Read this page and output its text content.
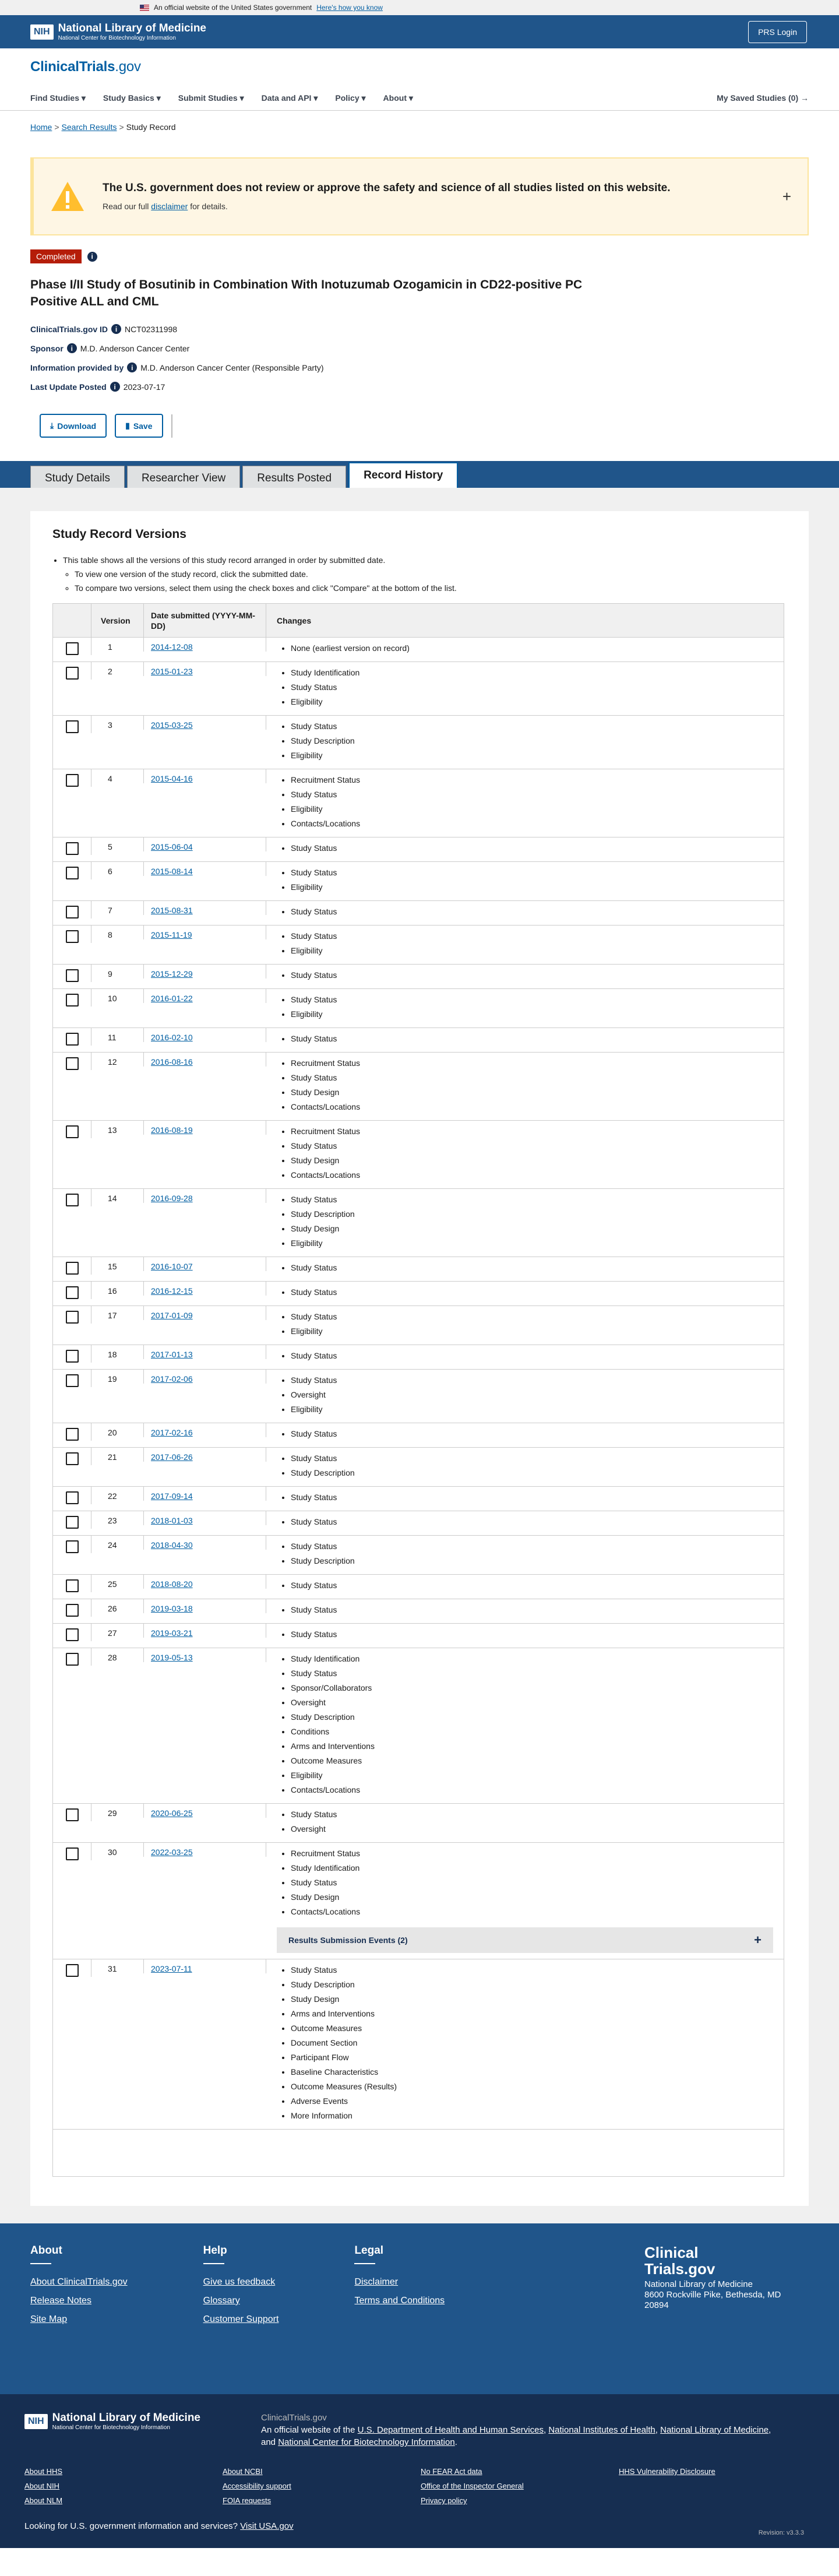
An official website of the United States government Here's how you know
NIH National Library of Medicine
National Center for Biotechnology Information
PRS Login
ClinicalTrials.gov
Find Studies ▾ Study Basics ▾ Submit Studies ▾ Data and API ▾ Policy ▾ About ▾	My Saved Studies (0) →
Home > Search Results > Study Record
The U.S. government does not review or approve the safety and science of all studies listed on this website.

Read our full disclaimer for details.

+
Completed	i
Phase I/II Study of Bosutinib in Combination With Inotuzumab Ozogamicin in CD22-positive PC Positive ALL and CML
ClinicalTrials.gov ID	i NCT02311998
Sponsor	i M.D. Anderson Cancer Center
Information provided by	i M.D. Anderson Cancer Center (Responsible Party)
Last Update Posted	i 2023-07-17
⤓ Download	▮ Save
Study Details	Researcher View	Results Posted	Record History
Study Record Versions
• This table shows all the versions of this study record arranged in order by submitted date.
◦ To view one version of the study record, click the submitted date.
◦ To compare two versions, select them using the check boxes and click "Compare" at the bottom of the list.
Version
Date submitted (YYYY-MM-DD)
Changes
1	2014-12-08	• None (earliest version on record)
2	2015-01-23	• Study Identification
• Study Status
• Eligibility
3	2015-03-25	• Study Status
• Study Description
• Eligibility
4	2015-04-16	• Recruitment Status
• Study Status
• Eligibility
• Contacts/Locations
5	2015-06-04	• Study Status
6	2015-08-14	• Study Status
• Eligibility
7	2015-08-31	• Study Status
8	2015-11-19	• Study Status
• Eligibility
9	2015-12-29	• Study Status
10	2016-01-22	• Study Status
• Eligibility
11	2016-02-10	• Study Status
12	2016-08-16	• Recruitment Status
• Study Status
• Study Design
• Contacts/Locations
13	2016-08-19	• Recruitment Status
• Study Status
• Study Design
• Contacts/Locations
14	2016-09-28	• Study Status
• Study Description
• Study Design
• Eligibility
15	2016-10-07	• Study Status
16	2016-12-15	• Study Status
17	2017-01-09	• Study Status
• Eligibility
18	2017-01-13	• Study Status
19	2017-02-06	• Study Status
• Oversight
• Eligibility
20	2017-02-16	• Study Status
21	2017-06-26	• Study Status
• Study Description
22	2017-09-14	• Study Status
23	2018-01-03	• Study Status
24	2018-04-30	• Study Status
• Study Description
25	2018-08-20	• Study Status
26	2019-03-18	• Study Status
27	2019-03-21	• Study Status
28	2019-05-13	• Study Identification
• Study Status
• Sponsor/Collaborators
• Oversight
• Study Description
• Conditions
• Arms and Interventions
• Outcome Measures
• Eligibility
• Contacts/Locations
29	2020-06-25	• Study Status
• Oversight
30	2022-03-25	• Recruitment Status
• Study Identification
• Study Status
• Study Design
• Contacts/Locations
Results Submission Events (2)	+
31	2023-07-11	• Study Status
• Study Description
• Study Design
• Arms and Interventions
• Outcome Measures
• Document Section
• Participant Flow
• Baseline Characteristics
• Outcome Measures (Results)
• Adverse Events
• More Information
About
About ClinicalTrials.gov
Release Notes
Site Map
Help
Give us feedback
Glossary
Customer Support
Legal
Disclaimer
Terms and Conditions
Clinical
Trials.gov
National Library of Medicine
8600 Rockville Pike, Bethesda, MD
20894
NIH National Library of Medicine
National Center for Biotechnology Information
ClinicalTrials.gov
An official website of the U.S. Department of Health and Human Services, National Institutes of Health, National Library of Medicine,
and National Center for Biotechnology Information.
About HHS	About NCBI	No FEAR Act data	HHS Vulnerability Disclosure
About NIH	Accessibility support	Office of the Inspector General
About NLM	FOIA requests	Privacy policy
Looking for U.S. government information and services? Visit USA.gov
Revision: v3.3.3
